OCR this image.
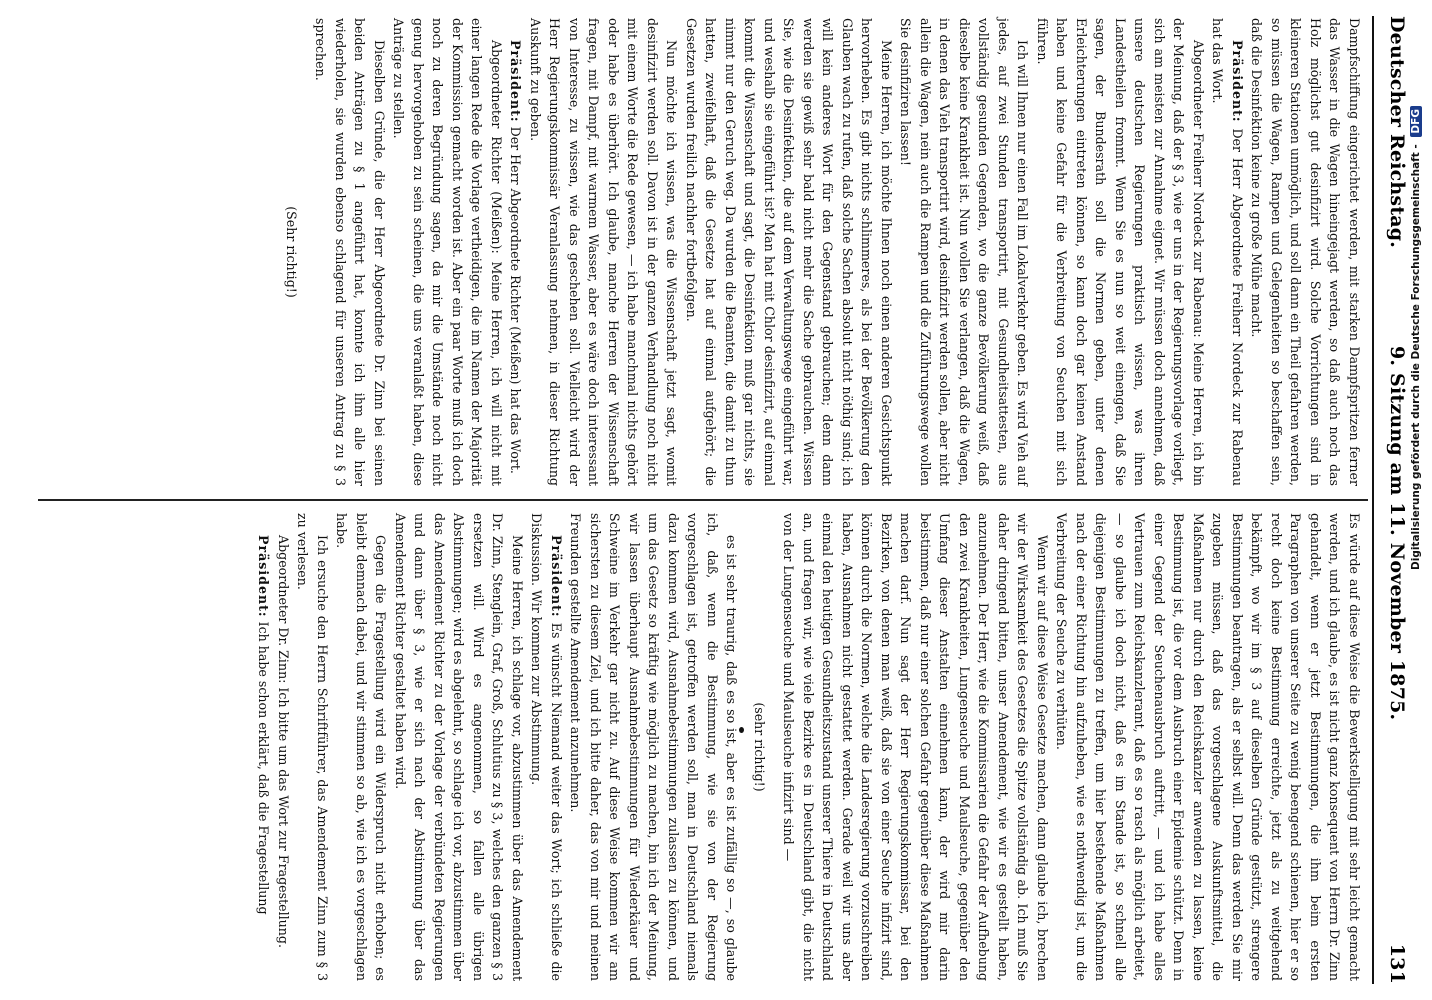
Deutscher Reichstag.
9. Sitzung am 11. November 1875.
131

Dampfschiffung eingerichtet werden, mit starken Dampfspritzen ferner das Wasser in die Wagen hineingejagt werden, so daß auch noch das Holz möglichst gut desinfizirt wird. Solche Vorrichtungen sind in kleineren Stationen unmöglich, und soll dann ein Theil gefahren werden, so müssen die Wagen, Rampen und Gelegenheiten so beschaffen sein, daß die Desinfektion keine zu große Mühe macht.

Präsident: Der Herr Abgeordnete Freiherr Nordeck zur Rabenau hat das Wort.

Abgeordneter Freiherr Nordeck zur Rabenau: Meine Herren, ich bin der Meinung, daß der § 3, wie er uns in der Regierungsvorlage vorliegt, sich am meisten zur Annahme eignet. Wir müssen doch annehmen, daß unsere deutschen Regierungen praktisch wissen, was ihren Landestheilen frommt. Wenn Sie es nun so weit einengen, daß Sie sagen, der Bundesrath soll die Normen geben, unter denen Erleichterungen eintreten können, so kann doch gar keinen Anstand haben und keine Gefahr für die Verbreitung von Seuchen mit sich führen.

Ich will Ihnen nur einen Fall im Lokalverkehr geben. Es wird Vieh auf jedes, auf zwei Stunden transportirt, mit Gesundheitsattesten, aus vollständig gesunden Gegenden, wo die ganze Bevölkerung weiß, daß dieselbe keine Krankheit ist. Nun wollen Sie verlangen, daß die Wagen, in denen das Vieh transportirt wird, desinfizirt werden sollen, aber nicht allein die Wagen, nein auch die Rampen und die Zuführungswege wollen Sie desinfiziren lassen!

Meine Herren, ich möchte Ihnen noch einen anderen Gesichtspunkt hervorheben. Es gibt nichts schlimmeres, als bei der Bevölkerung den Glauben wach zu rufen, daß solche Sachen absolut nicht nöthig sind; ich will kein anderes Wort für den Gegenstand gebrauchen; denn dann werden sie gewiß sehr bald nicht mehr die Sache gebrauchen. Wissen Sie, wie die Desinfektion, die auf dem Verwaltungswege eingeführt war, und weshalb sie eingeführt ist? Man hat mit Chlor desinfizirt, auf einmal kommt die Wissenschaft und sagt, die Desinfektion muß gar nichts, sie nimmt nur den Geruch weg. Da wurden die Beamten, die damit zu thun hatten, zweifelhaft, daß die Gesetze hat auf einmal aufgehört; die Gesetzen wurden freilich nachher fortbefolgen.

Nun möchte ich wissen, was die Wissenschaft jetzt sagt, womit desinfizirt werden soll. Davon ist in der ganzen Verhandlung noch nicht mit einem Worte die Rede gewesen, — ich habe manchmal nichts gehört oder habe es überhört. Ich glaube, manche Herren der Wissenschaft fragen, mit Dampf, mit warmem Wasser, aber es wäre doch interessant von Interesse, zu wissen, wie das geschehen soll. Vielleicht wird der Herr Regierungskommissär Veranlassung nehmen, in dieser Richtung Auskunft zu geben.

Präsident: Der Herr Abgeordnete Richter (Meißen) hat das Wort.

Abgeordneter Richter (Meißen): Meine Herren, ich will nicht mit einer langen Rede die Vorlage vertheidigen, die im Namen der Majorität der Kommission gemacht worden ist. Aber ein paar Worte muß ich doch noch zu deren Begründung sagen, da mir die Umstände noch nicht genug hervorgehoben zu sein scheinen, die uns veranlaßt haben, diese Anträge zu stellen.

Dieselben Gründe, die der Herr Abgeordnete Dr. Zinn bei seinen beiden Anträgen zu § 1 angeführt hat, konnte ich ihm alle hier wiederholen, sie wurden ebenso schlagend für unseren Antrag zu § 3 sprechen.

(Sehr richtig!)

Es würde auf diese Weise die Bewerkstelligung mit sehr leicht gemacht werden, und ich glaube, es ist nicht ganz konsequent von Herrn Dr. Zinn gehandelt, wenn er jetzt Bestimmungen, die ihm beim ersten Paragraphen von unserer Seite zu wenig beengend schienen, hier er so recht doch keine Bestimmung erreichte, jetzt als zu weitgehend bekämpft, wo wir im § 3 auf dieselben Gründe gestützt, strengere Bestimmungen beantragen, als er selbst will. Denn das werden Sie mir zugeben müssen, daß das vorgeschlagene Auskunftsmittel, die Maßnahmen nur durch den Reichskanzler anwenden zu lassen, keine Bestimmung ist, die vor dem Ausbruch einer Epidemie schützt. Denn in einer Gegend der Seuchenausbruch auftritt, — und ich habe alles Vertrauen zum Reichskanzleramt, daß es so rasch als möglich arbeitet, — so glaube ich doch nicht, daß es im Stande ist, so schnell alle diejenigen Bestimmungen zu treffen, um hier bestehende Maßnahmen nach der einer Richtung hin aufzuheben, wie es nothwendig ist, um die Verbreitung der Seuche zu verhüten.

Wenn wir auf diese Weise Gesetze machen, dann glaube ich, brechen wir der Wirksamkeit des Gesetzes die Spitze vollständig ab. Ich muß Sie daher dringend bitten, unser Amendement, wie wir es gestellt haben, anzunehmen. Der Herr, wie die Kommissarien die Gefahr der Aufhebung den zwei Krankheiten, Lungenseuche und Maulseuche, gegenüber den Umfang dieser Anstalten einnehmen kann, der wird mir darin beistimmen, daß nur einer solchen Gefahr gegenüber diese Maßnahmen machen darf. Nun sagt der Herr Regierungskommissar, bei den Bezirken, von denen man weiß, daß sie von einer Seuche infizirt sind, können durch die Normen, welche die Landesregierung vorzuschreiben haben, Ausnahmen nicht gestattet werden. Gerade weil wir uns aber einmal den heutigen Gesundheitszustand unserer Thiere in Deutschland an, und fragen wir, wie viele Bezirke es in Deutschland gibt, die nicht von der Lungenseuche und Maulseuche infizirt sind —

(sehr richtig!)

es ist sehr traurig, daß es so ist, aber es ist zufällig so —, so glaube ich, daß, wenn die Bestimmung, wie sie von der Regierung vorgeschlagen ist, getroffen werden soll, man in Deutschland niemals dazu kommen wird, Ausnahmebestimmungen zulassen zu können, und um das Gesetz so kräftig wie möglich zu machen, bin ich der Meinung, wir lassen überhaupt Ausnahmebestimmungen für Wiederkäuer und Schweine im Verkehr gar nicht zu. Auf diese Weise kommen wir am sichersten zu diesem Ziel, und ich bitte daher, das von mir und meinen Freunden gestellte Amendement anzunehmen.

Präsident: Es wünscht Niemand weiter das Wort; ich schließe die Diskussion. Wir kommen zur Abstimmung.

Meine Herren, ich schlage vor, abzustimmen über das Amendement Dr. Zinn, Stenglein, Graf, Groß, Schlutius zu § 3, welches den ganzen § 3 ersetzen will. Wird es angenommen, so fallen alle übrigen Abstimmungen; wird es abgelehnt, so schlage ich vor, abzustimmen über das Amendement Richter zu der Vorlage der verbündeten Regierungen und dann über § 3, wie er sich nach der Abstimmung über das Amendement Richter gestaltet haben wird.

Gegen die Fragestellung wird ein Widerspruch nicht erhoben; es bleibt demnach dabei, und wir stimmen so ab, wie ich es vorgeschlagen habe.

Ich ersuche den Herrn Schriftführer, das Amendement Zinn zum § 3 zu verlesen.

Abgeordneter Dr. Zinn: Ich bitte um das Wort zur Fragestellung.

Präsident: Ich habe schon erklärt, daß die Fragestellung

Digitalisierung gefördert durch die Deutsche Forschungsgemeinschaft - DFG
